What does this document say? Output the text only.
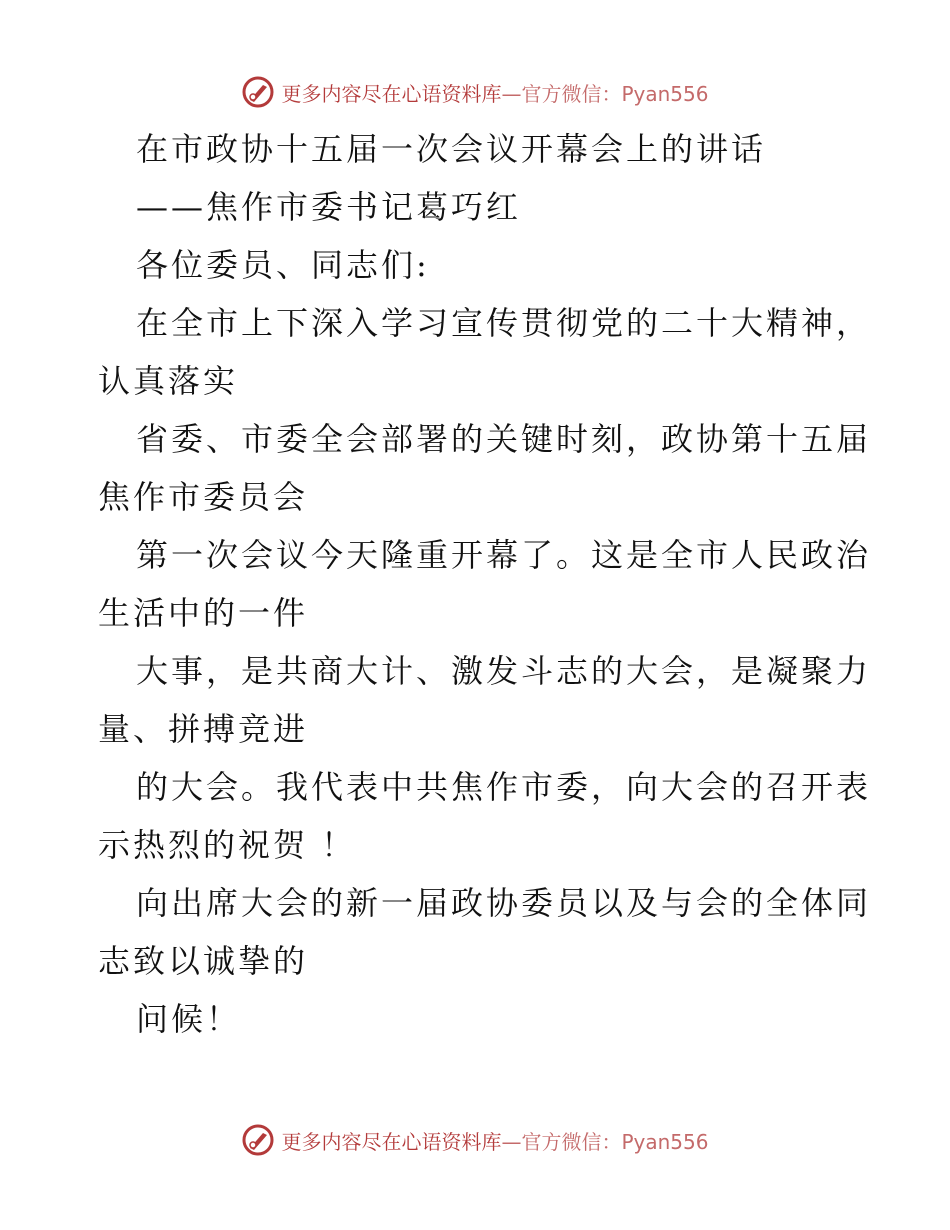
更多内容尽在心语资料库—官方微信：Pyan556
在市政协十五届一次会议开幕会上的讲话
——焦作市委书记葛巧红
各位委员、同志们:
在全市上下深入学习宣传贯彻党的二十大精神，
认真落实
省委、市委全会部署的关键时刻，政协第十五届
焦作市委员会
第一次会议今天隆重开幕了。这是全市人民政治
生活中的一件
大事，是共商大计、激发斗志的大会，是凝聚力
量、拼搏竞进
的大会。我代表中共焦作市委，向大会的召开表
示热烈的祝贺 ！
向出席大会的新一届政协委员以及与会的全体同
志致以诚挚的
问候！
更多内容尽在心语资料库—官方微信：Pyan556
